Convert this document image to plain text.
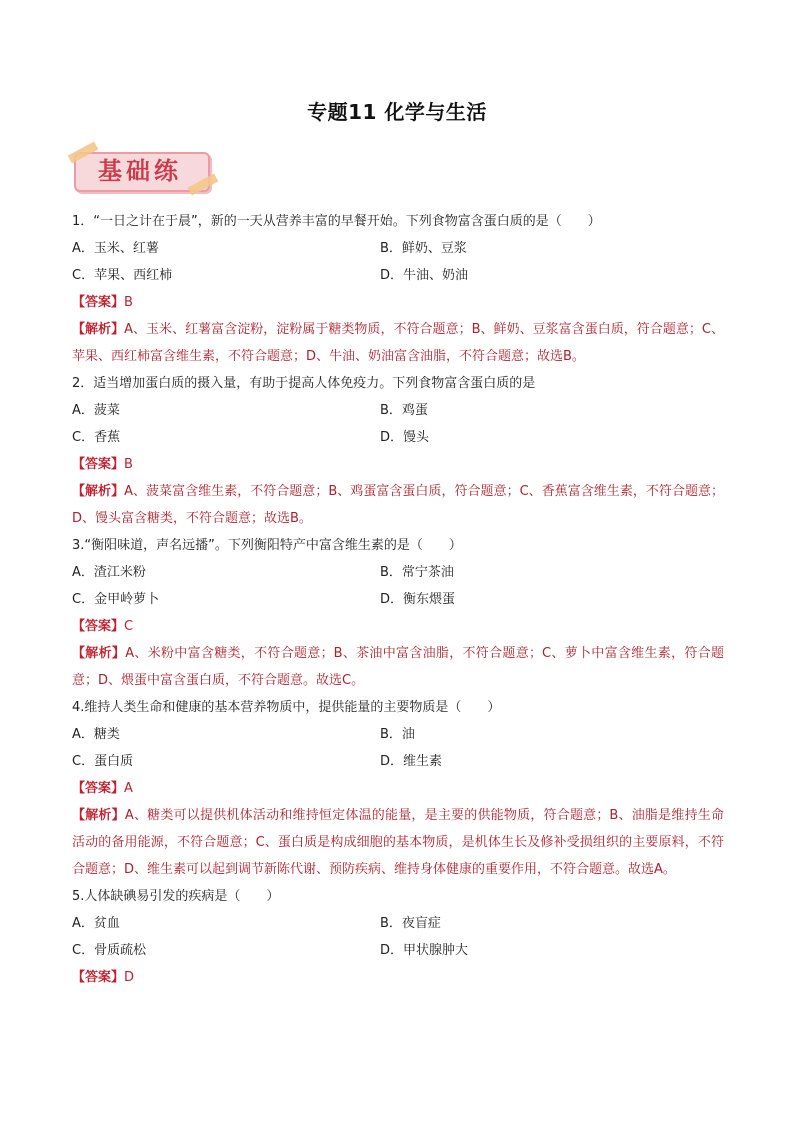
专题11 化学与生活
基础练

1．“一日之计在于晨”，新的一天从营养丰富的早餐开始。下列食物富含蛋白质的是（　　）

A．玉米、红薯	B．鲜奶、豆浆

C．苹果、西红柿	D．牛油、奶油

【答案】B

【解析】A、玉米、红薯富含淀粉，淀粉属于糖类物质，不符合题意；B、鲜奶、豆浆富含蛋白质，符合题意；C、苹果、西红柿富含维生素，不符合题意；D、牛油、奶油富含油脂，不符合题意；故选B。

2．适当增加蛋白质的摄入量，有助于提高人体免疫力。下列食物富含蛋白质的是

A．菠菜	B．鸡蛋

C．香蕉	D．馒头

【答案】B

【解析】A、菠菜富含维生素，不符合题意；B、鸡蛋富含蛋白质，符合题意；C、香蕉富含维生素，不符合题意；D、馒头富含糖类，不符合题意；故选B。

3.“衡阳味道，声名远播”。下列衡阳特产中富含维生素的是（　　）

A．渣江米粉	B．常宁茶油

C．金甲岭萝卜	D．衡东煨蛋

【答案】C

【解析】A、米粉中富含糖类，不符合题意；B、茶油中富含油脂，不符合题意；C、萝卜中富含维生素，符合题意；D、煨蛋中富含蛋白质，不符合题意。故选C。

4.维持人类生命和健康的基本营养物质中，提供能量的主要物质是（　　）

A．糖类	B．油

C．蛋白质	D．维生素

【答案】A

【解析】A、糖类可以提供机体活动和维持恒定体温的能量，是主要的供能物质，符合题意；B、油脂是维持生命活动的备用能源，不符合题意；C、蛋白质是构成细胞的基本物质，是机体生长及修补受损组织的主要原料，不符合题意；D、维生素可以起到调节新陈代谢、预防疾病、维持身体健康的重要作用，不符合题意。故选A。

5.人体缺碘易引发的疾病是（　　）

A．贫血	B．夜盲症

C．骨质疏松	D．甲状腺肿大

【答案】D
